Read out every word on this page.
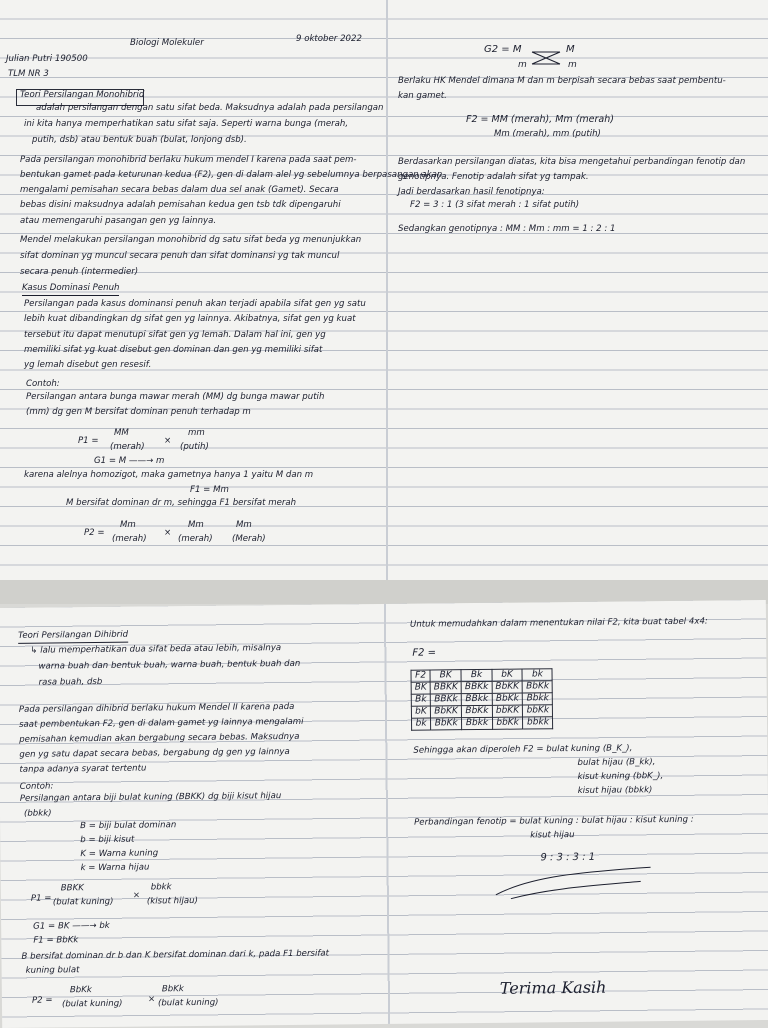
Biologi Molekuler	9 oktober 2022
Julian Putri 190500
TLM NR 3
Teori Persilangan Monohibrid
adalah persilangan dengan satu sifat beda. Maksudnya adalah pada persilangan
ini kita hanya memperhatikan satu sifat saja. Seperti warna bunga (merah,
putih, dsb) atau bentuk buah (bulat, lonjong dsb).
Pada persilangan monohibrid berlaku hukum mendel I karena pada saat pem-
bentukan gamet pada keturunan kedua (F2), gen di dalam alel yg sebelumnya berpasangan akan
mengalami pemisahan secara bebas dalam dua sel anak (Gamet). Secara
bebas disini maksudnya adalah pemisahan kedua gen tsb tdk dipengaruhi
atau memengaruhi pasangan gen yg lainnya.
Mendel melakukan persilangan monohibrid dg satu sifat beda yg menunjukkan
sifat dominan yg muncul secara penuh dan sifat dominansi yg tak muncul
secara penuh (intermedier)
Kasus Dominasi Penuh
Persilangan pada kasus dominansi penuh akan terjadi apabila sifat gen yg satu
lebih kuat dibandingkan dg sifat gen yg lainnya. Akibatnya, sifat gen yg kuat
tersebut itu dapat menutupi sifat gen yg lemah. Dalam hal ini, gen yg
memiliki sifat yg kuat disebut gen dominan dan gen yg memiliki sifat
yg lemah disebut gen resesif.
Contoh:
Persilangan antara bunga mawar merah (MM) dg bunga mawar putih
(mm) dg gen M bersifat dominan penuh terhadap m
P1 =
MM
(merah)
×
mm
(putih)
G1 = M ——→ m
karena alelnya homozigot, maka gametnya hanya 1 yaitu M dan m
F1 = Mm
M bersifat dominan dr m, sehingga F1 bersifat merah
P2 =
Mm
(merah)
×
Mm
(merah)
Mm
(Merah)
G2 = M
m
M
m
Berlaku HK Mendel dimana M dan m berpisah secara bebas saat pembentu-
kan gamet.
F2 = MM (merah), Mm (merah)
Mm (merah), mm (putih)
Berdasarkan persilangan diatas, kita bisa mengetahui perbandingan fenotip dan
genotipnya. Fenotip adalah sifat yg tampak.
Jadi berdasarkan hasil fenotipnya:
F2 = 3 : 1 (3 sifat merah : 1 sifat putih)
Sedangkan genotipnya : MM : Mm : mm = 1 : 2 : 1
Teori Persilangan Dihibrid
↳ lalu memperhatikan dua sifat beda atau lebih, misalnya
warna buah dan bentuk buah, warna buah, bentuk buah dan
rasa buah, dsb
Pada persilangan dihibrid berlaku hukum Mendel II karena pada
saat pembentukan F2, gen di dalam gamet yg lainnya mengalami
pemisahan kemudian akan bergabung secara bebas. Maksudnya
gen yg satu dapat secara bebas, bergabung dg gen yg lainnya
tanpa adanya syarat tertentu
Contoh:
Persilangan antara biji bulat kuning (BBKK) dg biji kisut hijau
(bbkk)
B = biji bulat dominan
b = biji kisut
K = Warna kuning
k = Warna hijau
P1 =
BBKK
(bulat kuning)
×
bbkk
(kisut hijau)
G1 = BK ——→ bk
F1 = BbKk
B bersifat dominan dr b dan K bersifat dominan dari k, pada F1 bersifat
kuning bulat
P2 =
BbKk
(bulat kuning)	×
BbKk
(bulat kuning)
Untuk memudahkan dalam menentukan nilai F2, kita buat tabel 4x4:
F2 =
F2	BK	Bk	bK	bk
BK	BBKK	BBKk	BbKK	BbKk
Bk	BBKk	BBkk	BbKk	Bbkk
bK	BbKK	BbKk	bbKK	bbKk
bk	BbKk	Bbkk	bbKk	bbkk
Sehingga akan diperoleh F2 = bulat kuning (B_K_),
bulat hijau (B_kk),
kisut kuning (bbK_),
kisut hijau (bbkk)
Perbandingan fenotip = bulat kuning : bulat hijau : kisut kuning :
kisut hijau
9 : 3 : 3 : 1
Terima Kasih
